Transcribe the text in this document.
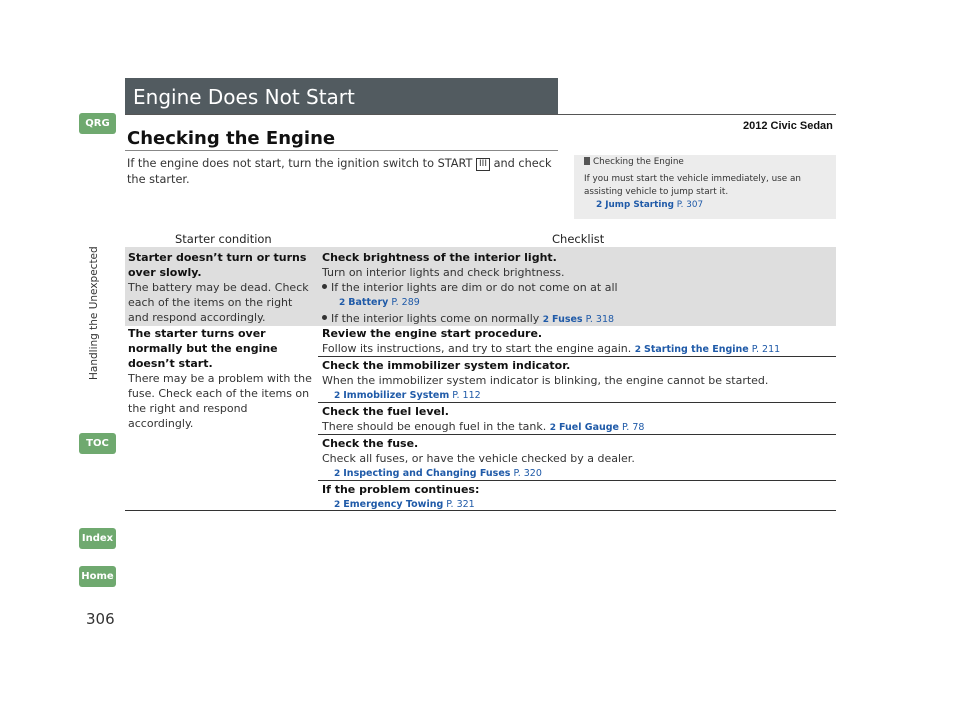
QRG
Handling the Unexpected
TOC
Index
Home
306
Engine Does Not Start
2012 Civic Sedan
Checking the Engine
If the engine does not start, turn the ignition switch to START III and check the starter.
Checking the Engine
If you must start the vehicle immediately, use an assisting vehicle to jump start it.
2 Jump Starting P. 307
Starter condition	Checklist
Starter doesn’t turn or turns over slowly.
The battery may be dead. Check each of the items on the right and respond accordingly.
Check brightness of the interior light.
Turn on interior lights and check brightness.
If the interior lights are dim or do not come on at all
2 Battery P. 289
If the interior lights come on normally 2 Fuses P. 318
The starter turns over normally but the engine doesn’t start.
There may be a problem with the fuse. Check each of the items on the right and respond accordingly.
Review the engine start procedure.
Follow its instructions, and try to start the engine again. 2 Starting the Engine P. 211
Check the immobilizer system indicator.
When the immobilizer system indicator is blinking, the engine cannot be started.
2 Immobilizer System P. 112
Check the fuel level.
There should be enough fuel in the tank. 2 Fuel Gauge P. 78
Check the fuse.
Check all fuses, or have the vehicle checked by a dealer.
2 Inspecting and Changing Fuses P. 320
If the problem continues:
2 Emergency Towing P. 321
